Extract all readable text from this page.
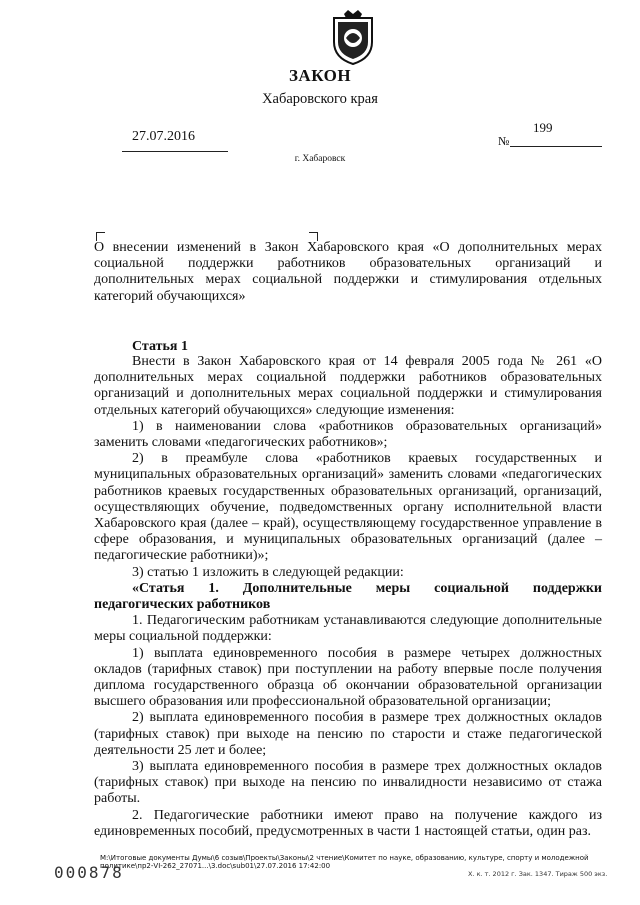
ЗАКОН
Хабаровского края
27.07.2016
199
№
г. Хабаровск
О внесении изменений в Закон Хабаровского края «О дополнительных мерах социальной поддержки работников образовательных организаций и дополнительных мерах социальной поддержки и стимулирования отдельных категорий обучающихся»
Статья 1

Внести в Закон Хабаровского края от 14 февраля 2005 года № 261 «О дополнительных мерах социальной поддержки работников образовательных организаций и дополнительных мерах социальной поддержки и стимулирования отдельных категорий обучающихся» следующие изменения:

1) в наименовании слова «работников образовательных организаций» заменить словами «педагогических работников»;

2) в преамбуле слова «работников краевых государственных и муниципальных образовательных организаций» заменить словами «педагогических работников краевых государственных образовательных организаций, организаций, осуществляющих обучение, подведомственных органу исполнительной власти Хабаровского края (далее – край), осуществляющему государственное управление в сфере образования, и муниципальных образовательных организаций (далее – педагогические работники)»;

3) статью 1 изложить в следующей редакции:

«Статья 1. Дополнительные меры социальной поддержки педагогических работников

1. Педагогическим работникам устанавливаются следующие дополнительные меры социальной поддержки:

1) выплата единовременного пособия в размере четырех должностных окладов (тарифных ставок) при поступлении на работу впервые после получения диплома государственного образца об окончании образовательной организации высшего образования или профессиональной образовательной организации;

2) выплата единовременного пособия в размере трех должностных окладов (тарифных ставок) при выходе на пенсию по старости и стаже педагогической деятельности 25 лет и более;

3) выплата единовременного пособия в размере трех должностных окладов (тарифных ставок) при выходе на пенсию по инвалидности независимо от стажа работы.

2. Педагогические работники имеют право на получение каждого из единовременных пособий, предусмотренных в части 1 настоящей статьи, один раз.

М:\Итоговые документы Думы\6 созыв\Проекты\Законы\2 чтение\Комитет по науке, образованию, культуре, спорту и молодежной политике\пр2-VI-262_27071...\3.doc\sub01\27.07.2016 17:42:00
000878	Х. к. т. 2012 г. Зак. 1347. Тираж 500 экз.
